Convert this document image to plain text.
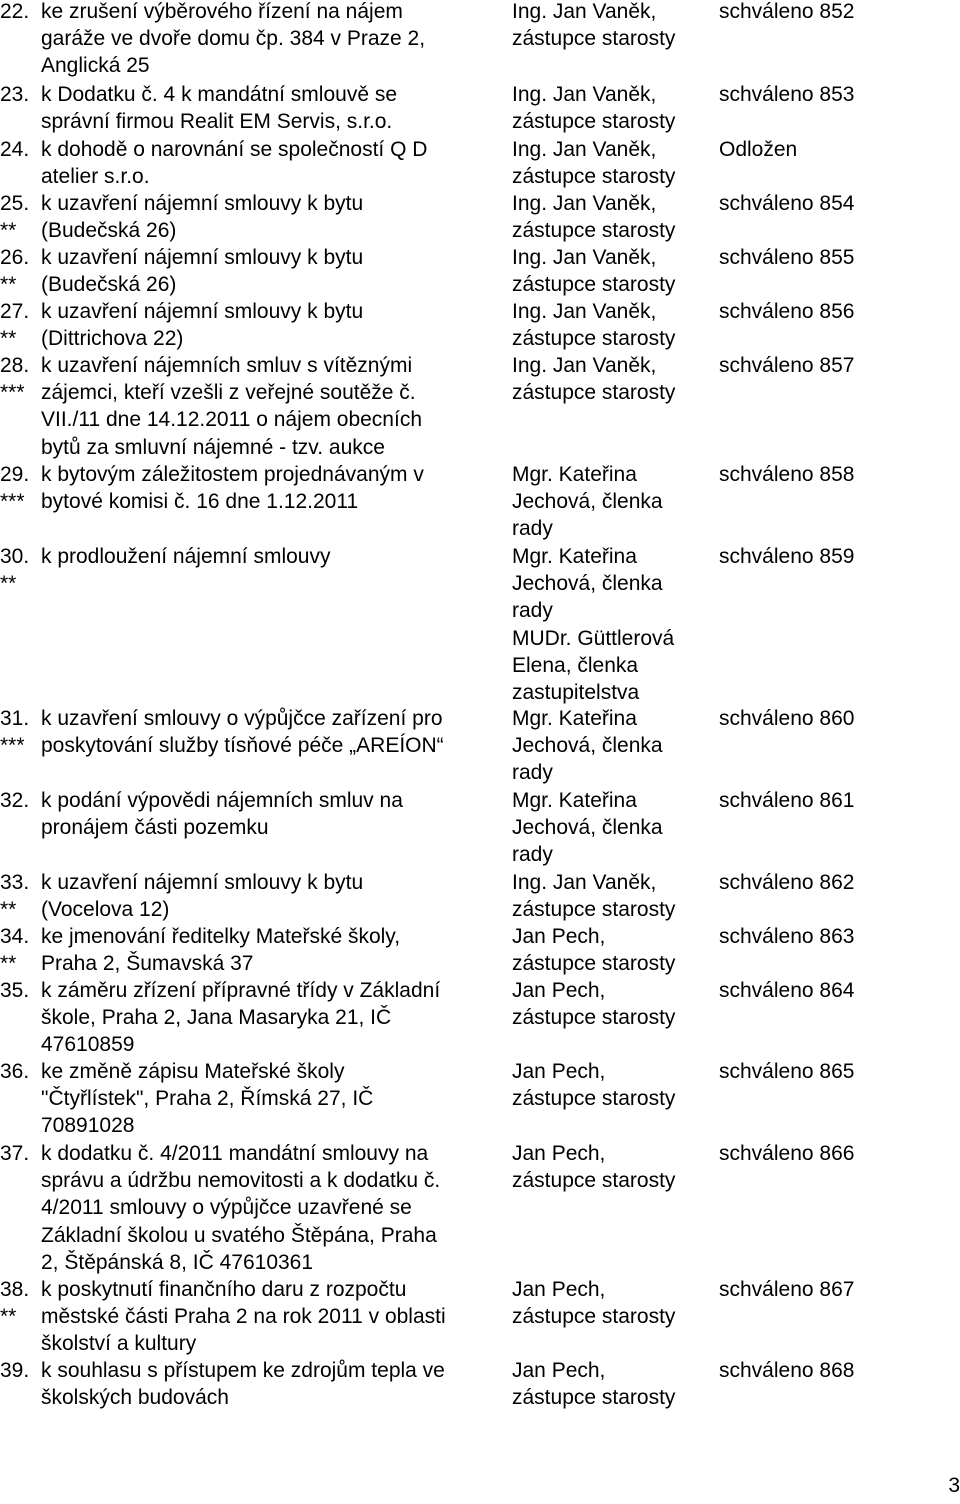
22. ke zrušení výběrového řízení na nájem
garáže ve dvoře domu čp. 384 v Praze 2,
Anglická 25
Ing. Jan Vaněk,
zástupce starosty
schváleno 852
23. k Dodatku č. 4 k mandátní smlouvě se
správní firmou Realit EM Servis, s.r.o.
Ing. Jan Vaněk,
zástupce starosty
schváleno 853
24. k dohodě o narovnání se společností Q D
atelier s.r.o.
Ing. Jan Vaněk,
zástupce starosty
Odložen
25.
**
k uzavření nájemní smlouvy k bytu
(Budečská 26)
Ing. Jan Vaněk,
zástupce starosty
schváleno 854
26.
**
k uzavření nájemní smlouvy k bytu
(Budečská 26)
Ing. Jan Vaněk,
zástupce starosty
schváleno 855
27.
**
k uzavření nájemní smlouvy k bytu
(Dittrichova 22)
Ing. Jan Vaněk,
zástupce starosty
schváleno 856
28.
***
k uzavření nájemních smluv s vítěznými
zájemci, kteří vzešli z veřejné soutěže č.
VII./11 dne 14.12.2011 o nájem obecních
bytů za smluvní nájemné - tzv. aukce
Ing. Jan Vaněk,
zástupce starosty
schváleno 857
29.
***
k bytovým záležitostem projednávaným v
bytové komisi č. 16 dne 1.12.2011
Mgr. Kateřina
Jechová, členka
rady
schváleno 858
30.
**
k prodloužení nájemní smlouvy	Mgr. Kateřina
Jechová, členka
rady
MUDr. Güttlerová
Elena, členka
zastupitelstva
schváleno 859
31.
***
k uzavření smlouvy o výpůjčce zařízení pro
poskytování služby tísňové péče „AREÍON“
Mgr. Kateřina
Jechová, členka
rady
schváleno 860
32. k podání výpovědi nájemních smluv na
pronájem části pozemku
Mgr. Kateřina
Jechová, členka
rady
schváleno 861
33.
**
k uzavření nájemní smlouvy k bytu
(Vocelova 12)
Ing. Jan Vaněk,
zástupce starosty
schváleno 862
34.
**
ke jmenování ředitelky Mateřské školy,
Praha 2, Šumavská 37
Jan Pech,
zástupce starosty
schváleno 863
35. k záměru zřízení přípravné třídy v Základní
škole, Praha 2, Jana Masaryka 21, IČ
47610859
Jan Pech,
zástupce starosty
schváleno 864
36. ke změně zápisu Mateřské školy
"Čtyřlístek", Praha 2, Římská 27, IČ
70891028
Jan Pech,
zástupce starosty
schváleno 865
37. k dodatku č. 4/2011 mandátní smlouvy na
správu a údržbu nemovitosti a k dodatku č.
4/2011 smlouvy o výpůjčce uzavřené se
Základní školou u svatého Štěpána, Praha
2, Štěpánská 8, IČ 47610361
Jan Pech,
zástupce starosty
schváleno 866
38.
**
k poskytnutí finančního daru z rozpočtu
městské části Praha 2 na rok 2011 v oblasti
školství a kultury
Jan Pech,
zástupce starosty
schváleno 867
39. k souhlasu s přístupem ke zdrojům tepla ve
školských budovách
Jan Pech,
zástupce starosty
schváleno 868
3
